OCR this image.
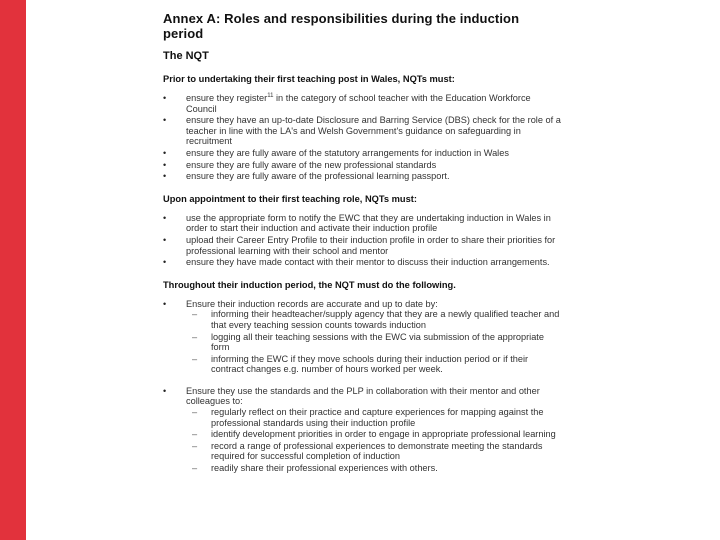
Annex A: Roles and responsibilities during the induction period
The NQT
Prior to undertaking their first teaching post in Wales, NQTs must:
• ensure they register$^{11}$ in the category of school teacher with the Education Workforce Council
• ensure they have an up-to-date Disclosure and Barring Service (DBS) check for the role of a teacher in line with the LA's and Welsh Government's guidance on safeguarding in recruitment
• ensure they are fully aware of the statutory arrangements for induction in Wales
• ensure they are fully aware of the new professional standards
• ensure they are fully aware of the professional learning passport.
Upon appointment to their first teaching role, NQTs must:
• use the appropriate form to notify the EWC that they are undertaking induction in Wales in order to start their induction and activate their induction profile
• upload their Career Entry Profile to their induction profile in order to share their priorities for professional learning with their school and mentor
• ensure they have made contact with their mentor to discuss their induction arrangements.
Throughout their induction period, the NQT must do the following.
• Ensure their induction records are accurate and up to date by:
– informing their headteacher/supply agency that they are a newly qualified teacher and that every teaching session counts towards induction
– logging all their teaching sessions with the EWC via submission of the appropriate form
– informing the EWC if they move schools during their induction period or if their contract changes e.g. number of hours worked per week.
• Ensure they use the standards and the PLP in collaboration with their mentor and other colleagues to:
– regularly reflect on their practice and capture experiences for mapping against the professional standards using their induction profile
– identify development priorities in order to engage in appropriate professional learning
– record a range of professional experiences to demonstrate meeting the standards required for successful completion of induction
– readily share their professional experiences with others.
